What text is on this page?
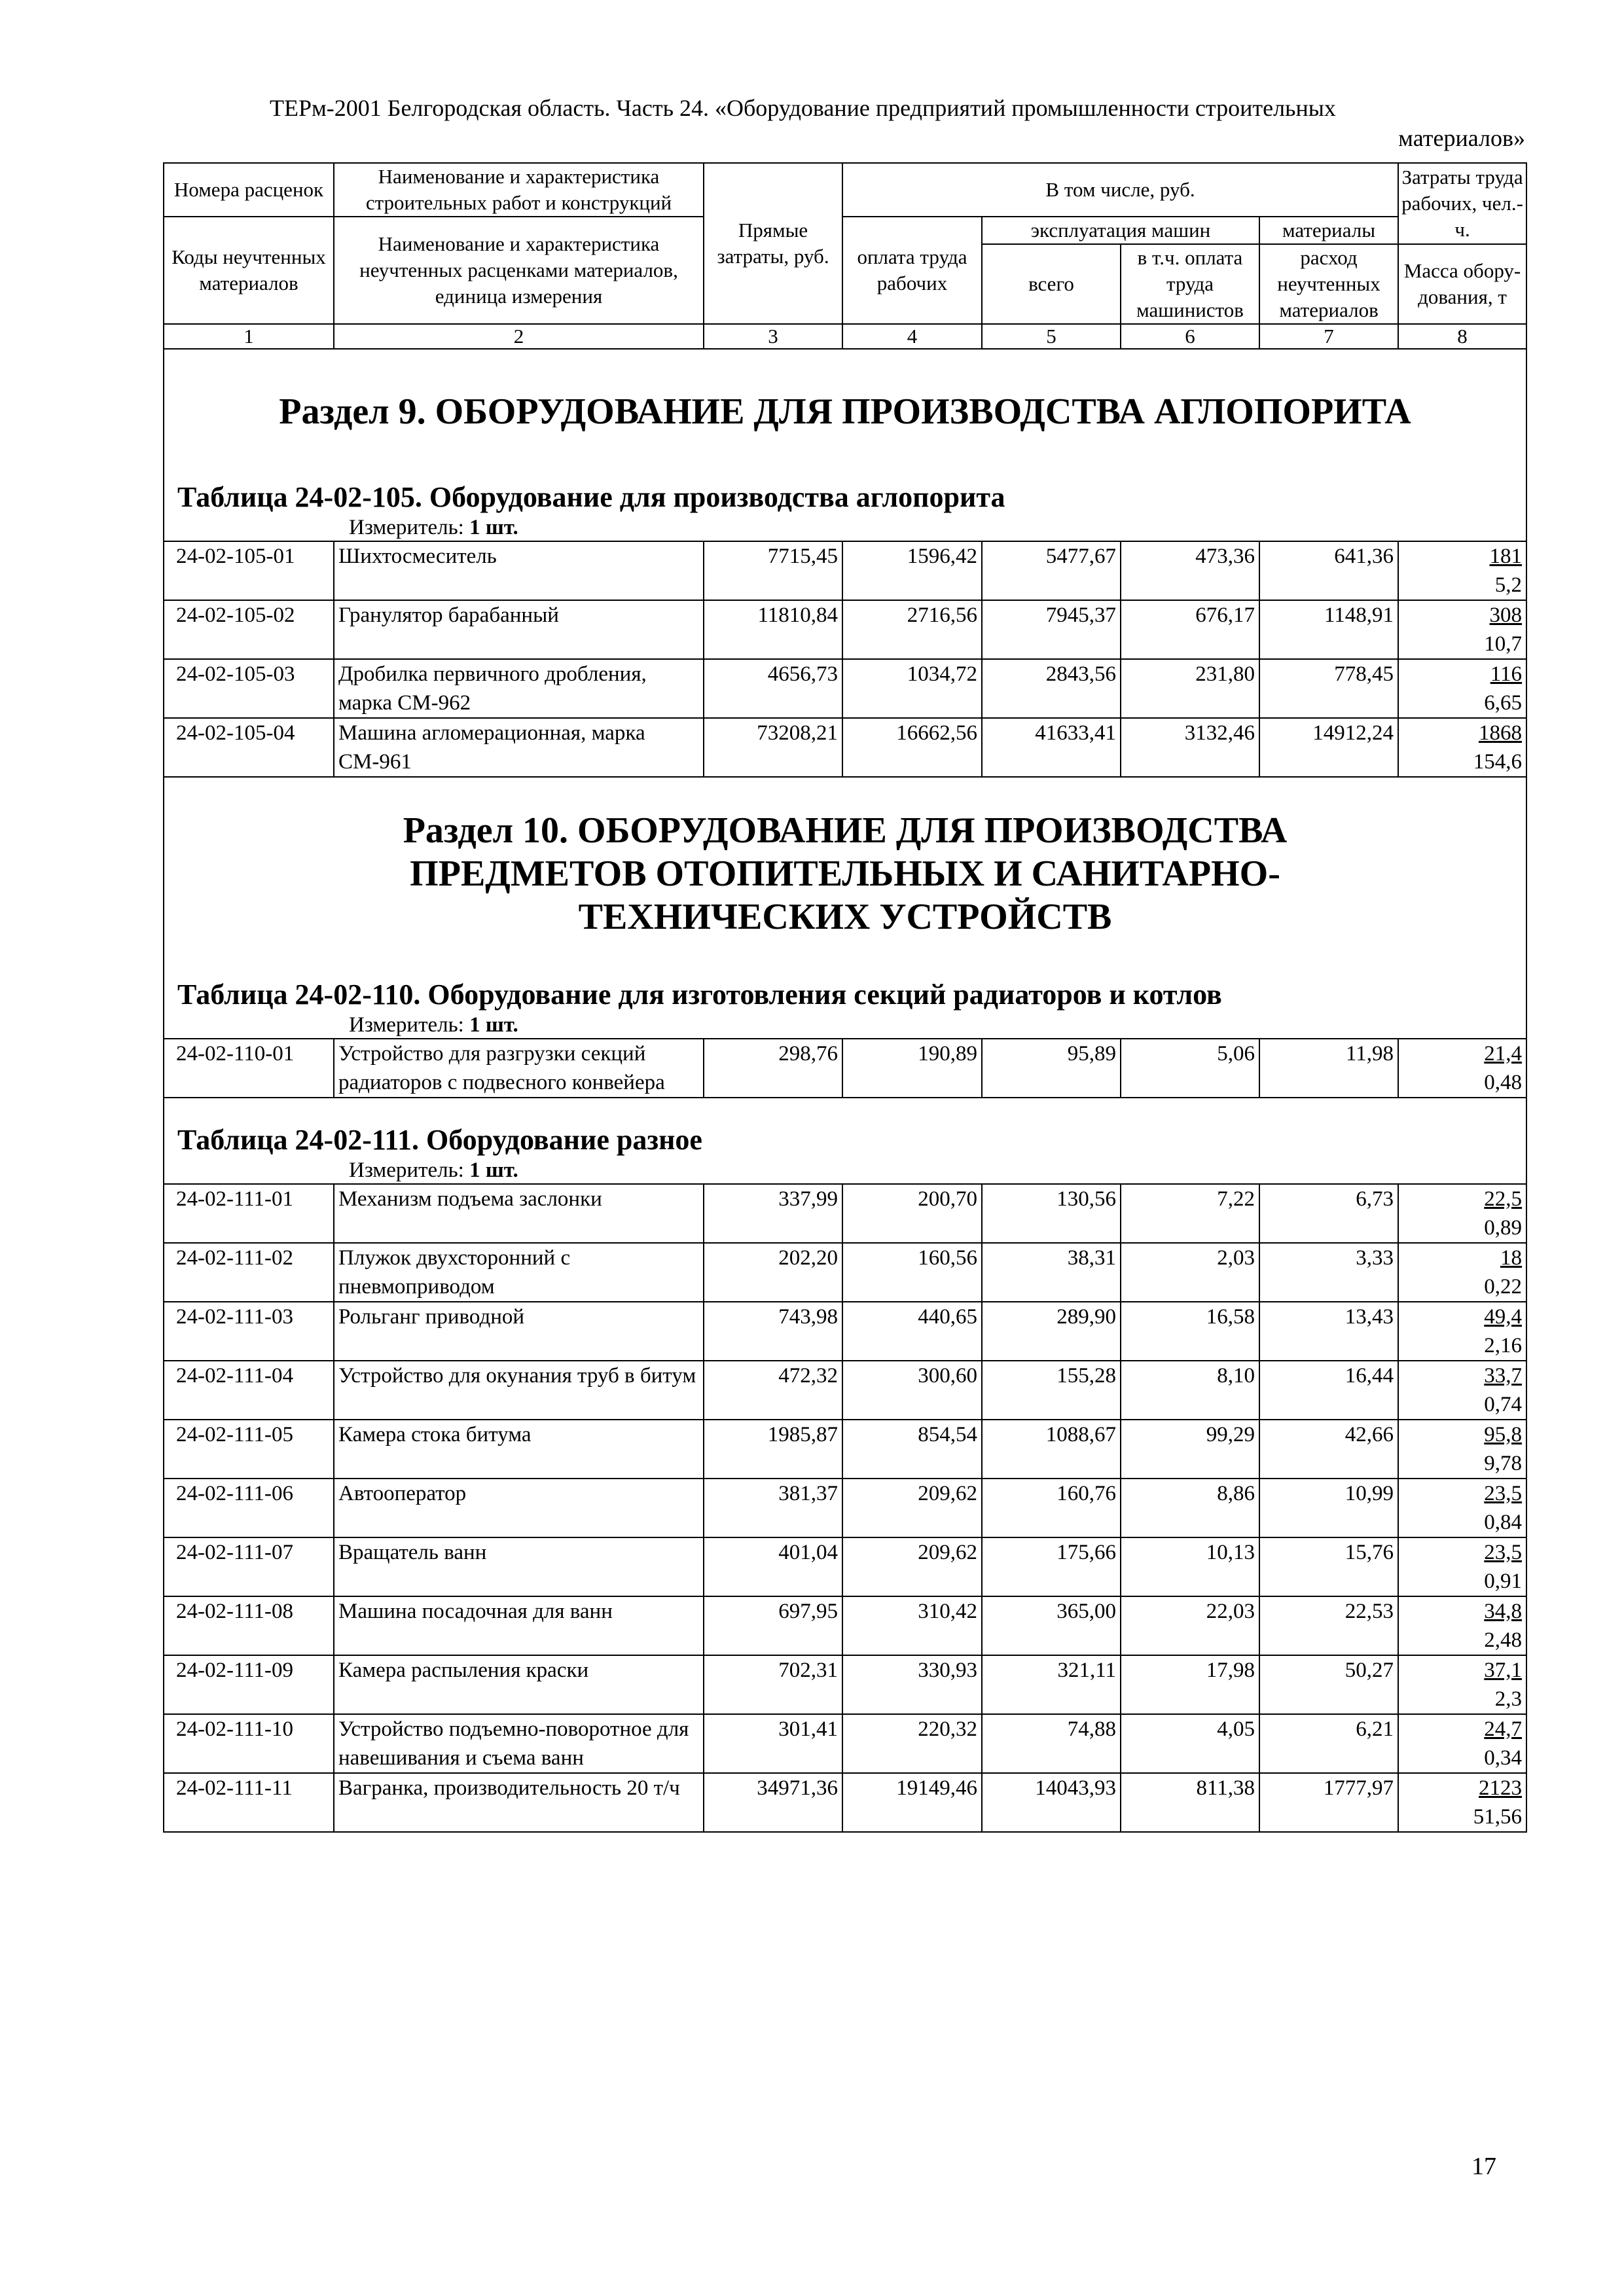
ТЕРм-2001 Белгородская область. Часть 24. «Оборудование предприятий промышленности строительных
материалов»
Номера расценок	Наименование и характеристика строительных работ и конструкций	Прямые затраты, руб.	В том числе, руб.				Затраты труда рабочих, чел.-ч.
Коды неучтенных материалов	Наименование и характеристика неучтенных расценками материалов, единица измерения		оплата труда рабочих	эксплуатация машин		материалы	
				всего	в т.ч. оплата труда машинистов	расход неучтенных материалов	
							Масса обору-дования, т
1	2	3	4	5	6	7	8
Раздел 9. ОБОРУДОВАНИЕ ДЛЯ ПРОИЗВОДСТВА АГЛОПОРИТА							
Таблица 24-02-105. Оборудование для производства аглопорита							
Измеритель: 1 шт.							
24-02-105-01	Шихтосмеситель	7715,45	1596,42	5477,67	473,36	641,36	181
5,2

24-02-105-02	Гранулятор барабанный	11810,84	2716,56	7945,37	676,17	1148,91	308
10,7

24-02-105-03	Дробилка первичного дробления, марка СМ-962	4656,73	1034,72	2843,56	231,80	778,45	116
6,65

24-02-105-04	Машина агломерационная, марка СМ-961	73208,21	16662,56	41633,41	3132,46	14912,24	1868
154,6

Раздел 10. ОБОРУДОВАНИЕ ДЛЯ ПРОИЗВОДСТВА ПРЕДМЕТОВ ОТОПИТЕЛЬНЫХ И САНИТАРНО-ТЕХНИЧЕСКИХ УСТРОЙСТВ							
Таблица 24-02-110. Оборудование для изготовления секций радиаторов и котлов							
Измеритель: 1 шт.							
24-02-110-01	Устройство для разгрузки секций радиаторов с подвесного конвейера	298,76	190,89	95,89	5,06	11,98	21,4
0,48

Таблица 24-02-111. Оборудование разное							
Измеритель: 1 шт.							
24-02-111-01	Механизм подъема заслонки	337,99	200,70	130,56	7,22	6,73	22,5
0,89

24-02-111-02	Плужок двухсторонний с пневмоприводом	202,20	160,56	38,31	2,03	3,33	18
0,22

24-02-111-03	Рольганг приводной	743,98	440,65	289,90	16,58	13,43	49,4
2,16

24-02-111-04	Устройство для окунания труб в битум	472,32	300,60	155,28	8,10	16,44	33,7
0,74

24-02-111-05	Камера стока битума	1985,87	854,54	1088,67	99,29	42,66	95,8
9,78

24-02-111-06	Автооператор	381,37	209,62	160,76	8,86	10,99	23,5
0,84

24-02-111-07	Вращатель ванн	401,04	209,62	175,66	10,13	15,76	23,5
0,91

24-02-111-08	Машина посадочная для ванн	697,95	310,42	365,00	22,03	22,53	34,8
2,48

24-02-111-09	Камера распыления краски	702,31	330,93	321,11	17,98	50,27	37,1
2,3

24-02-111-10	Устройство подъемно-поворотное для навешивания и съема ванн	301,41	220,32	74,88	4,05	6,21	24,7
0,34

24-02-111-11	Вагранка, производительность 20 т/ч	34971,36	19149,46	14043,93	811,38	1777,97	2123
51,56
17
